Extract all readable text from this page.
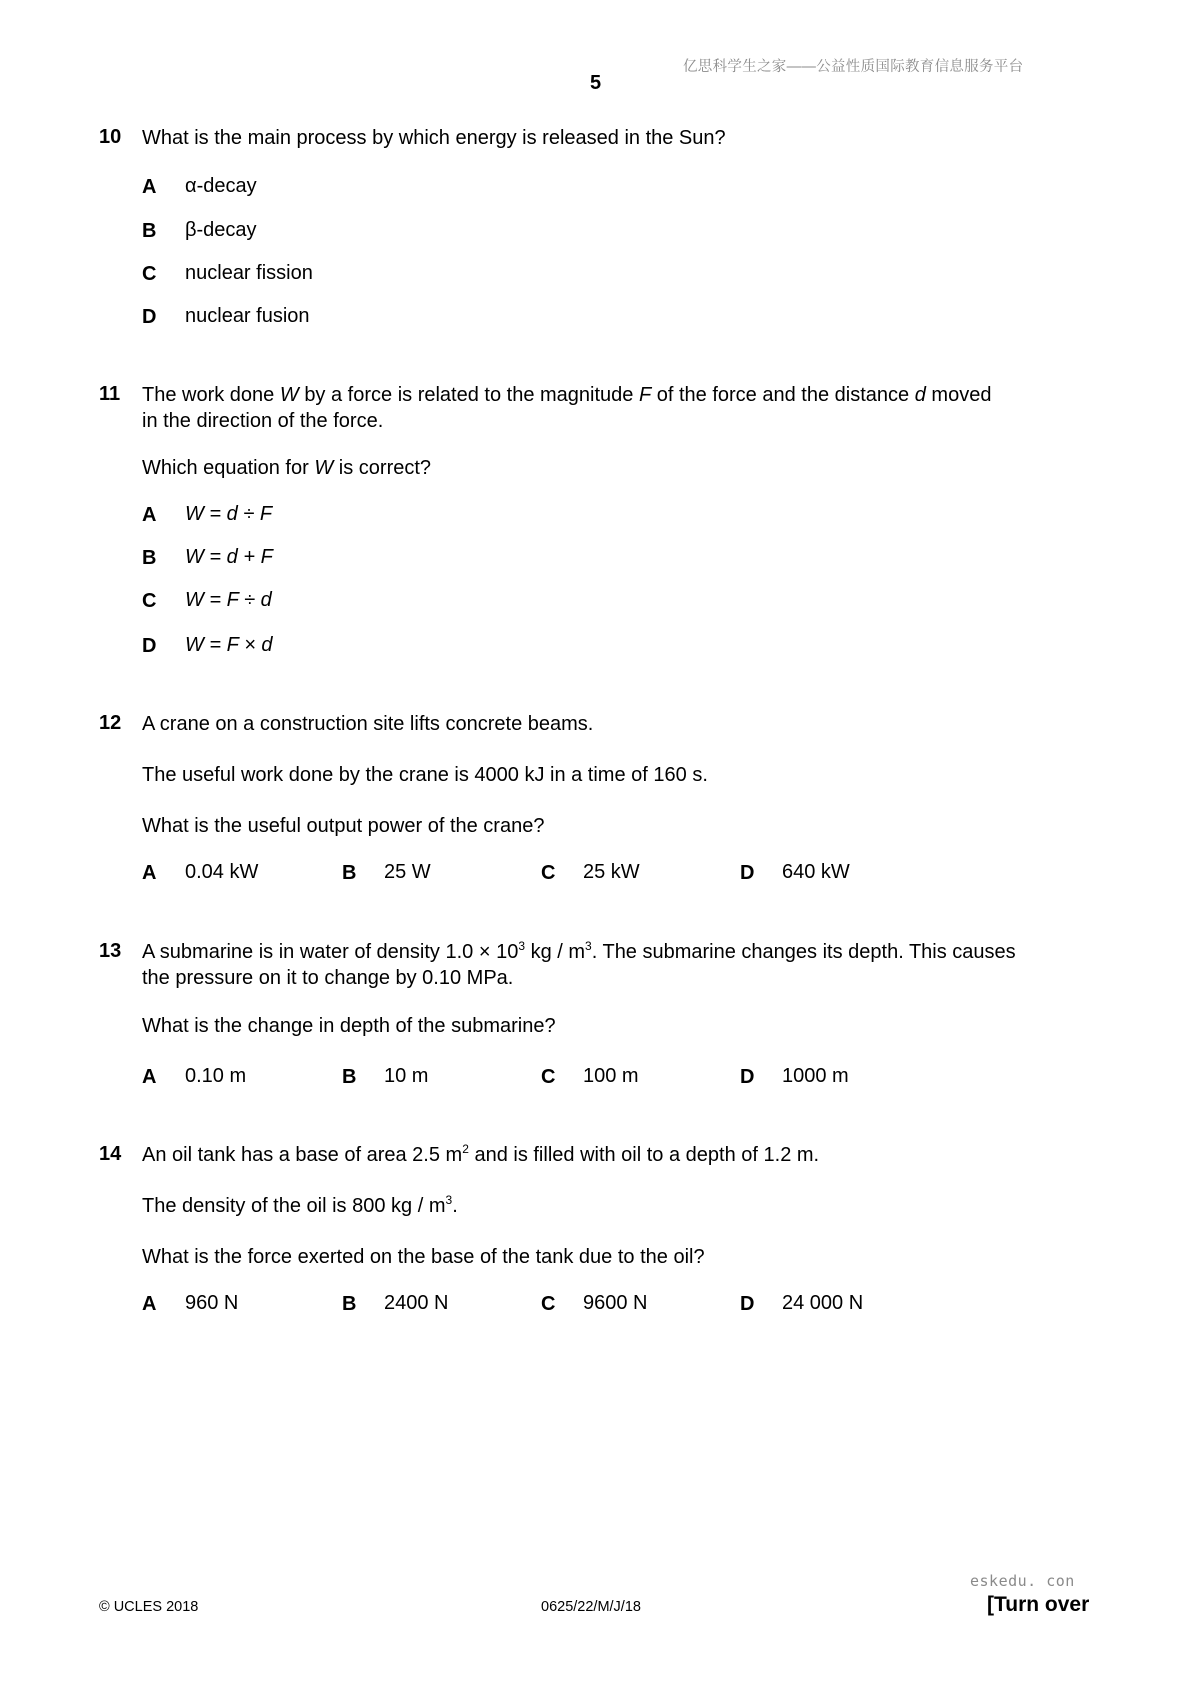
亿思科学生之家——公益性质国际教育信息服务平台
5
10 What is the main process by which energy is released in the Sun?
A α-decay
B β-decay
C nuclear fission
D nuclear fusion
11 The work done W by a force is related to the magnitude F of the force and the distance d moved
in the direction of the force.
Which equation for W is correct?
A W = d ÷ F
B W = d + F
C W = F ÷ d
D W = F × d
12 A crane on a construction site lifts concrete beams.
The useful work done by the crane is 4000 kJ in a time of 160 s.
What is the useful output power of the crane?
A 0.04 kW	B 25 W	C 25 kW	D 640 kW
13 A submarine is in water of density $1.0 \times 10^3$ kg / $m^3$. The submarine changes its depth. This causes
the pressure on it to change by 0.10 MPa.
What is the change in depth of the submarine?
A 0.10 m	B 10 m	C 100 m	D 1000 m
14 An oil tank has a base of area 2.5 $m^2$ and is filled with oil to a depth of 1.2 m.
The density of the oil is 800 kg / $m^3$.
What is the force exerted on the base of the tank due to the oil?
A 960 N	B 2400 N	C 9600 N	D 24 000 N
eskedu. con
© UCLES 2018	0625/22/M/J/18	[Turn over
